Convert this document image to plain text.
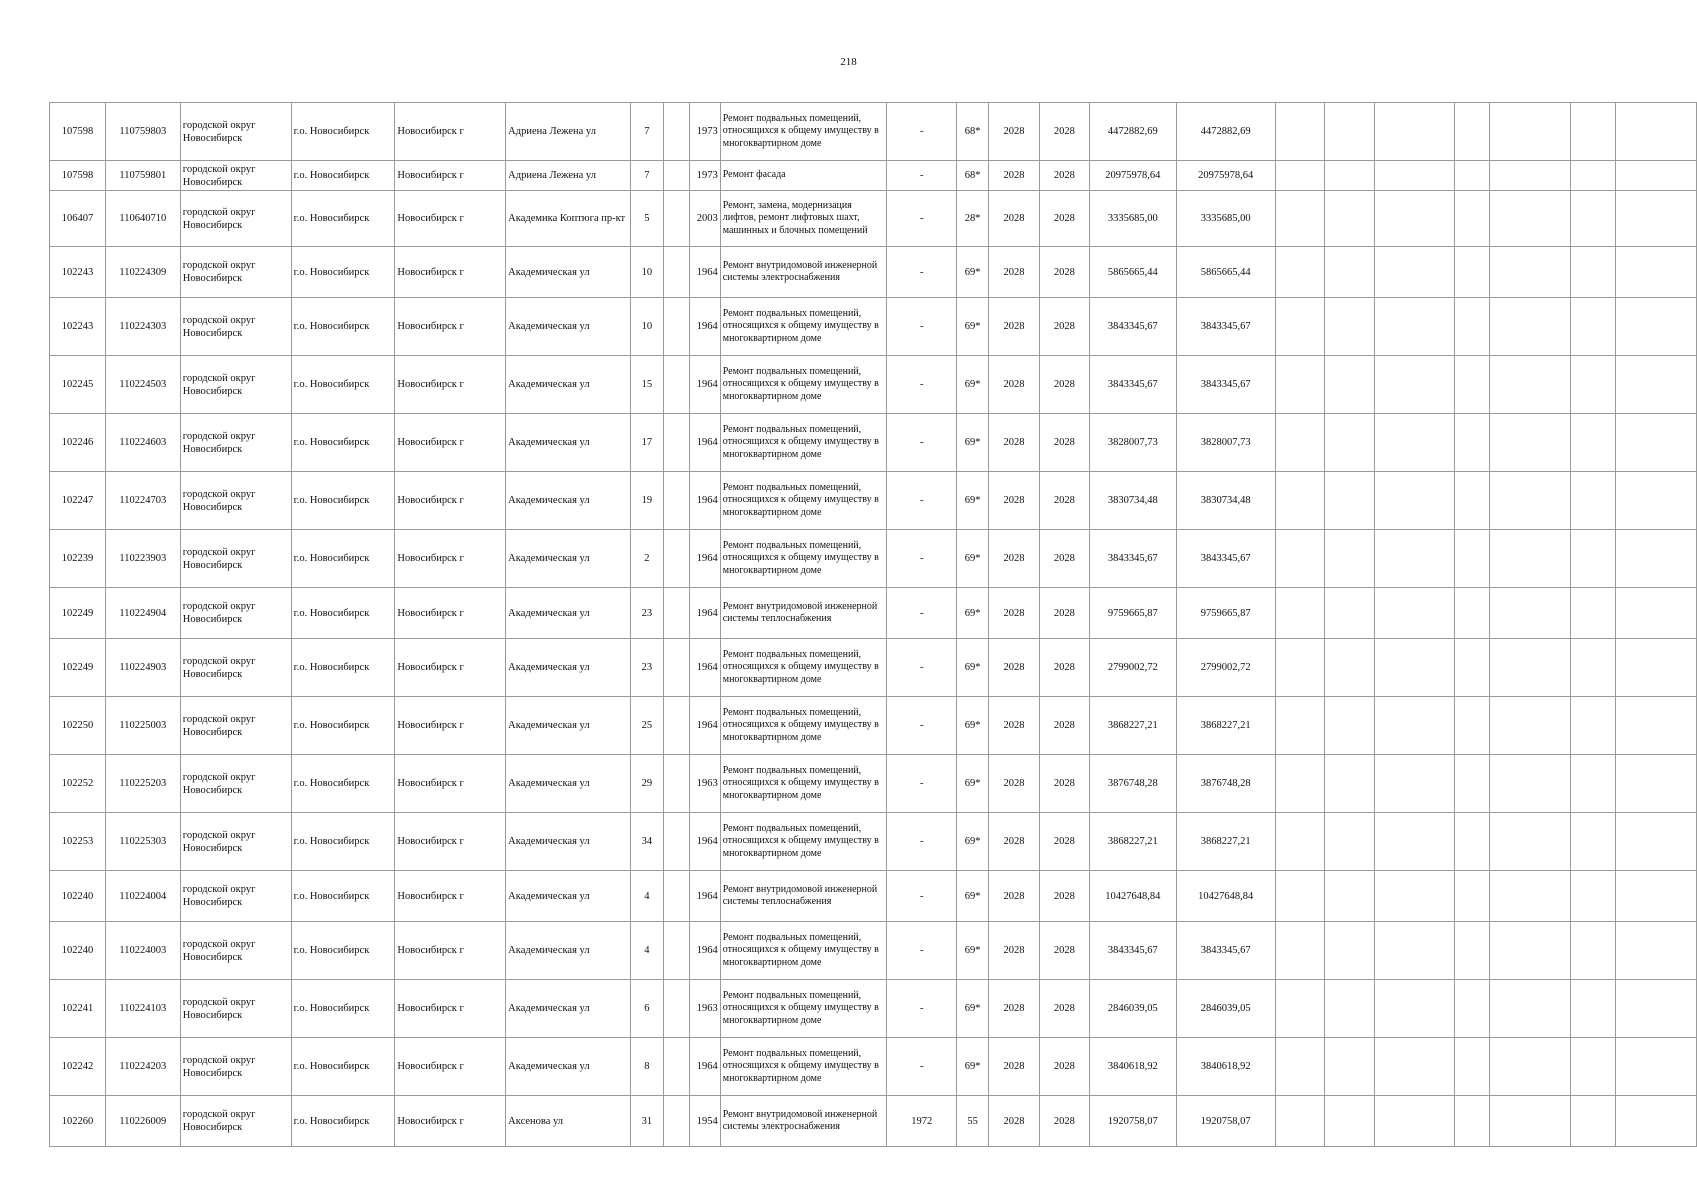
218
107598	110759803	городской округ Новосибирск	г.о. Новосибирск	Новосибирск г	Адриена Лежена ул	7		1973	Ремонт подвальных помещений, относящихся к общему имуществу в многоквартирном доме	-	68*	2028	2028	4472882,69	4472882,69							
107598	110759801	городской округ Новосибирск	г.о. Новосибирск	Новосибирск г	Адриена Лежена ул	7		1973	Ремонт фасада	-	68*	2028	2028	20975978,64	20975978,64							
106407	110640710	городской округ Новосибирск	г.о. Новосибирск	Новосибирск г	Академика Коптюга пр-кт	5		2003	Ремонт, замена, модернизация лифтов, ремонт лифтовых шахт, машинных и блочных помещений	-	28*	2028	2028	3335685,00	3335685,00							
102243	110224309	городской округ Новосибирск	г.о. Новосибирск	Новосибирск г	Академическая ул	10		1964	Ремонт внутридомовой инженерной системы электроснабжения	-	69*	2028	2028	5865665,44	5865665,44							
102243	110224303	городской округ Новосибирск	г.о. Новосибирск	Новосибирск г	Академическая ул	10		1964	Ремонт подвальных помещений, относящихся к общему имуществу в многоквартирном доме	-	69*	2028	2028	3843345,67	3843345,67							
102245	110224503	городской округ Новосибирск	г.о. Новосибирск	Новосибирск г	Академическая ул	15		1964	Ремонт подвальных помещений, относящихся к общему имуществу в многоквартирном доме	-	69*	2028	2028	3843345,67	3843345,67							
102246	110224603	городской округ Новосибирск	г.о. Новосибирск	Новосибирск г	Академическая ул	17		1964	Ремонт подвальных помещений, относящихся к общему имуществу в многоквартирном доме	-	69*	2028	2028	3828007,73	3828007,73							
102247	110224703	городской округ Новосибирск	г.о. Новосибирск	Новосибирск г	Академическая ул	19		1964	Ремонт подвальных помещений, относящихся к общему имуществу в многоквартирном доме	-	69*	2028	2028	3830734,48	3830734,48							
102239	110223903	городской округ Новосибирск	г.о. Новосибирск	Новосибирск г	Академическая ул	2		1964	Ремонт подвальных помещений, относящихся к общему имуществу в многоквартирном доме	-	69*	2028	2028	3843345,67	3843345,67							
102249	110224904	городской округ Новосибирск	г.о. Новосибирск	Новосибирск г	Академическая ул	23		1964	Ремонт внутридомовой инженерной системы теплоснабжения	-	69*	2028	2028	9759665,87	9759665,87							
102249	110224903	городской округ Новосибирск	г.о. Новосибирск	Новосибирск г	Академическая ул	23		1964	Ремонт подвальных помещений, относящихся к общему имуществу в многоквартирном доме	-	69*	2028	2028	2799002,72	2799002,72							
102250	110225003	городской округ Новосибирск	г.о. Новосибирск	Новосибирск г	Академическая ул	25		1964	Ремонт подвальных помещений, относящихся к общему имуществу в многоквартирном доме	-	69*	2028	2028	3868227,21	3868227,21							
102252	110225203	городской округ Новосибирск	г.о. Новосибирск	Новосибирск г	Академическая ул	29		1963	Ремонт подвальных помещений, относящихся к общему имуществу в многоквартирном доме	-	69*	2028	2028	3876748,28	3876748,28							
102253	110225303	городской округ Новосибирск	г.о. Новосибирск	Новосибирск г	Академическая ул	34		1964	Ремонт подвальных помещений, относящихся к общему имуществу в многоквартирном доме	-	69*	2028	2028	3868227,21	3868227,21							
102240	110224004	городской округ Новосибирск	г.о. Новосибирск	Новосибирск г	Академическая ул	4		1964	Ремонт внутридомовой инженерной системы теплоснабжения	-	69*	2028	2028	10427648,84	10427648,84							
102240	110224003	городской округ Новосибирск	г.о. Новосибирск	Новосибирск г	Академическая ул	4		1964	Ремонт подвальных помещений, относящихся к общему имуществу в многоквартирном доме	-	69*	2028	2028	3843345,67	3843345,67							
102241	110224103	городской округ Новосибирск	г.о. Новосибирск	Новосибирск г	Академическая ул	6		1963	Ремонт подвальных помещений, относящихся к общему имуществу в многоквартирном доме	-	69*	2028	2028	2846039,05	2846039,05							
102242	110224203	городской округ Новосибирск	г.о. Новосибирск	Новосибирск г	Академическая ул	8		1964	Ремонт подвальных помещений, относящихся к общему имуществу в многоквартирном доме	-	69*	2028	2028	3840618,92	3840618,92							
102260	110226009	городской округ Новосибирск	г.о. Новосибирск	Новосибирск г	Аксенова ул	31		1954	Ремонт внутридомовой инженерной системы электроснабжения	1972	55	2028	2028	1920758,07	1920758,07							
